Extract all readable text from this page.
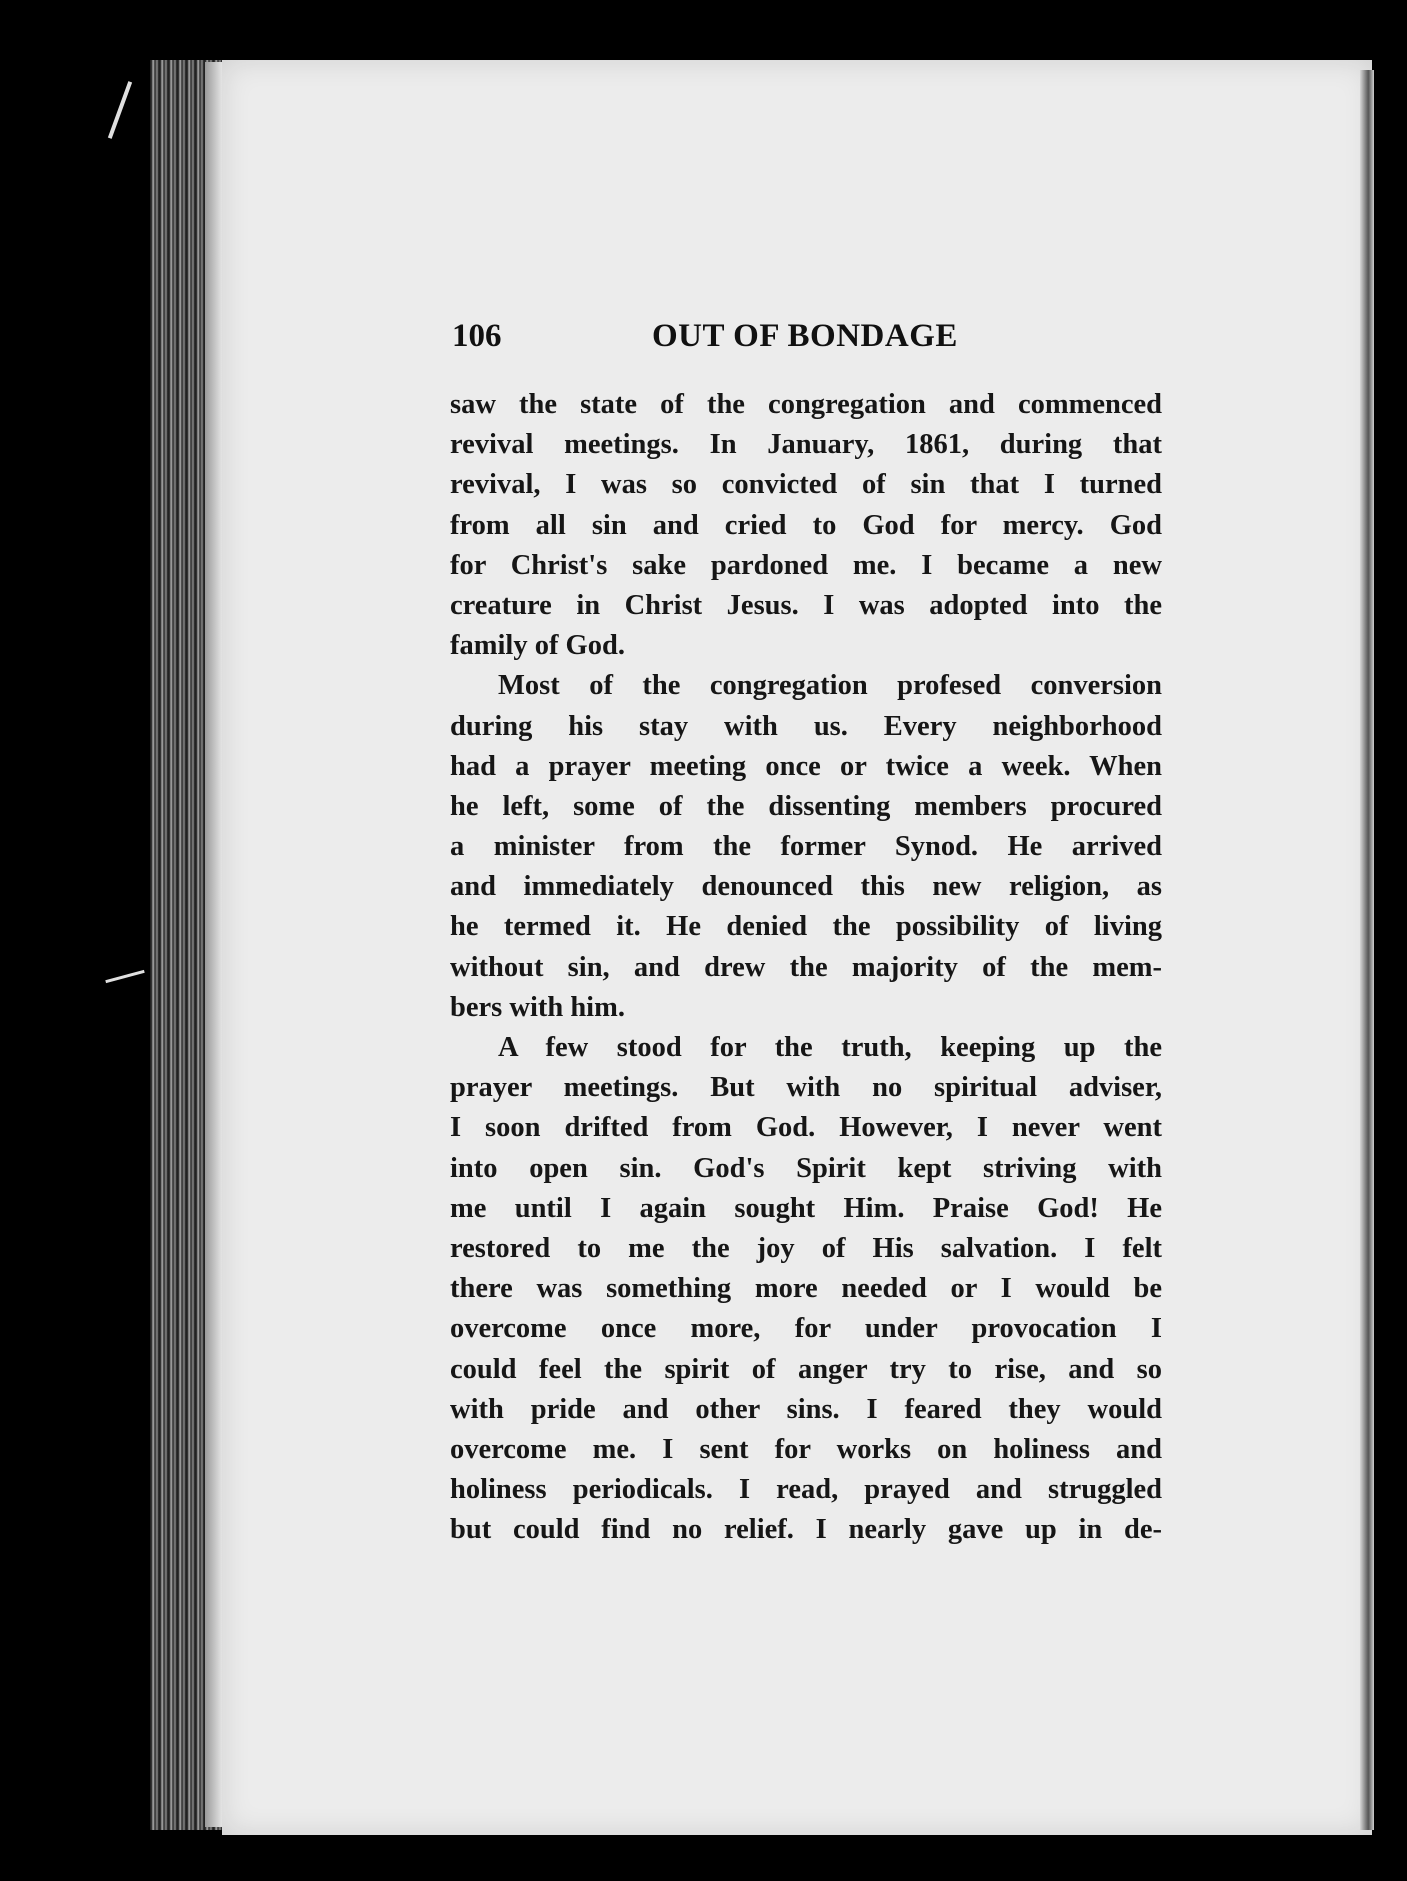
106	OUT OF BONDAGE
saw the state of the congregation and commenced
revival meetings. In January, 1861, during that
revival, I was so convicted of sin that I turned
from all sin and cried to God for mercy. God
for Christ's sake pardoned me. I became a new
creature in Christ Jesus. I was adopted into the
family of God.
Most of the congregation profesed conversion
during his stay with us. Every neighborhood
had a prayer meeting once or twice a week. When
he left, some of the dissenting members procured
a minister from the former Synod. He arrived
and immediately denounced this new religion, as
he termed it. He denied the possibility of living
without sin, and drew the majority of the mem-
bers with him.
A few stood for the truth, keeping up the
prayer meetings. But with no spiritual adviser,
I soon drifted from God. However, I never went
into open sin. God's Spirit kept striving with
me until I again sought Him. Praise God! He
restored to me the joy of His salvation. I felt
there was something more needed or I would be
overcome once more, for under provocation I
could feel the spirit of anger try to rise, and so
with pride and other sins. I feared they would
overcome me. I sent for works on holiness and
holiness periodicals. I read, prayed and struggled
but could find no relief. I nearly gave up in de-
